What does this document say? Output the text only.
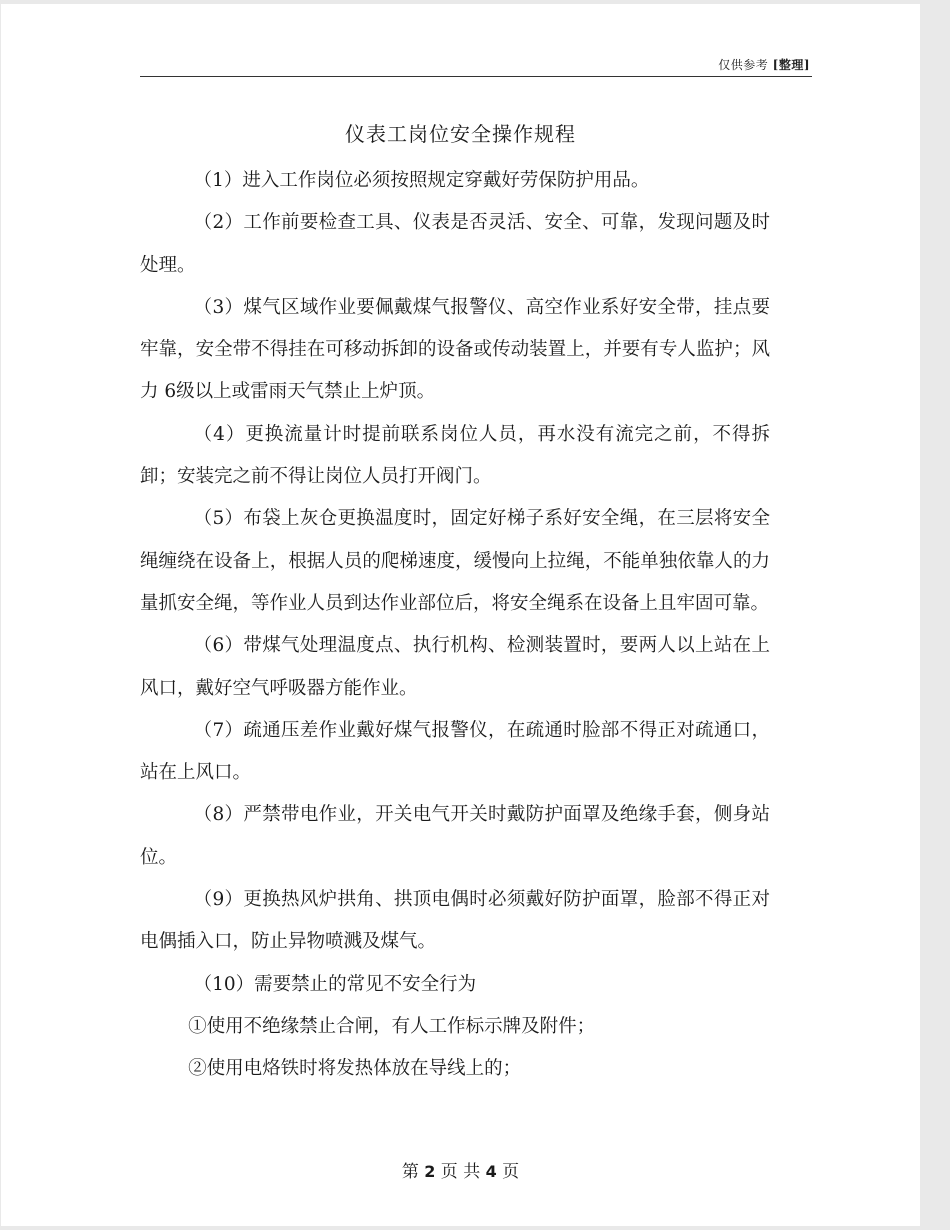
仅供参考 [整理]
仪表工岗位安全操作规程

（1）进入工作岗位必须按照规定穿戴好劳保防护用品。

（2）工作前要检查工具、仪表是否灵活、安全、可靠，发现问题及时处理。

（3）煤气区域作业要佩戴煤气报警仪、高空作业系好安全带，挂点要牢靠，安全带不得挂在可移动拆卸的设备或传动装置上，并要有专人监护；风力 6级以上或雷雨天气禁止上炉顶。

（4）更换流量计时提前联系岗位人员，再水没有流完之前，不得拆卸；安装完之前不得让岗位人员打开阀门。

（5）布袋上灰仓更换温度时，固定好梯子系好安全绳，在三层将安全绳缠绕在设备上，根据人员的爬梯速度，缓慢向上拉绳，不能单独依靠人的力量抓安全绳，等作业人员到达作业部位后，将安全绳系在设备上且牢固可靠。

（6）带煤气处理温度点、执行机构、检测装置时，要两人以上站在上风口，戴好空气呼吸器方能作业。

（7）疏通压差作业戴好煤气报警仪，在疏通时脸部不得正对疏通口，站在上风口。

（8）严禁带电作业，开关电气开关时戴防护面罩及绝缘手套，侧身站位。

（9）更换热风炉拱角、拱顶电偶时必须戴好防护面罩，脸部不得正对电偶插入口，防止异物喷溅及煤气。

（10）需要禁止的常见不安全行为

①使用不绝缘禁止合闸，有人工作标示牌及附件；

②使用电烙铁时将发热体放在导线上的；

第 2 页 共 4 页
